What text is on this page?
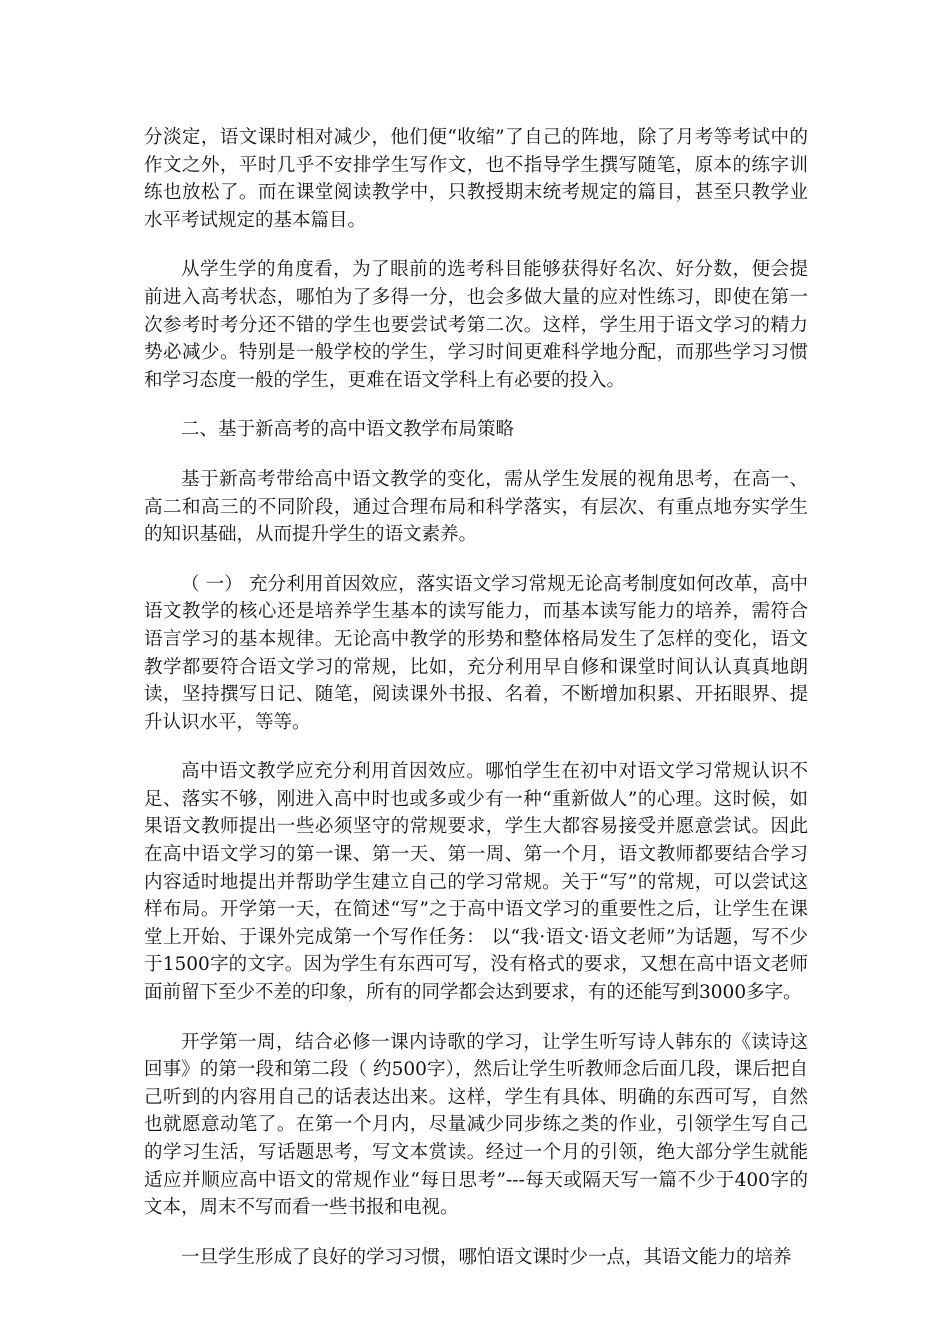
分淡定，语文课时相对减少，他们便“收缩”了自己的阵地，除了月考等考试中的作文之外，平时几乎不安排学生写作文，也不指导学生撰写随笔，原本的练字训练也放松了。而在课堂阅读教学中，只教授期末统考规定的篇目，甚至只教学业水平考试规定的基本篇目。

从学生学的角度看，为了眼前的选考科目能够获得好名次、好分数，便会提前进入高考状态，哪怕为了多得一分，也会多做大量的应对性练习，即使在第一次参考时考分还不错的学生也要尝试考第二次。这样，学生用于语文学习的精力势必减少。特别是一般学校的学生，学习时间更难科学地分配，而那些学习习惯和学习态度一般的学生，更难在语文学科上有必要的投入。

二、基于新高考的高中语文教学布局策略

基于新高考带给高中语文教学的变化，需从学生发展的视角思考，在高一、高二和高三的不同阶段，通过合理布局和科学落实，有层次、有重点地夯实学生的知识基础，从而提升学生的语文素养。

（ 一） 充分利用首因效应，落实语文学习常规无论高考制度如何改革，高中语文教学的核心还是培养学生基本的读写能力，而基本读写能力的培养，需符合语言学习的基本规律。无论高中教学的形势和整体格局发生了怎样的变化，语文教学都要符合语文学习的常规，比如，充分利用早自修和课堂时间认认真真地朗读，坚持撰写日记、随笔，阅读课外书报、名着，不断增加积累、开拓眼界、提升认识水平，等等。

高中语文教学应充分利用首因效应。哪怕学生在初中对语文学习常规认识不足、落实不够，刚进入高中时也或多或少有一种“重新做人”的心理。这时候，如果语文教师提出一些必须坚守的常规要求，学生大都容易接受并愿意尝试。因此在高中语文学习的第一课、第一天、第一周、第一个月，语文教师都要结合学习内容适时地提出并帮助学生建立自己的学习常规。关于“写”的常规，可以尝试这样布局。开学第一天，在简述“写”之于高中语文学习的重要性之后，让学生在课堂上开始、于课外完成第一个写作任务： 以“我·语文·语文老师”为话题，写不少于1500字的文字。因为学生有东西可写，没有格式的要求，又想在高中语文老师面前留下至少不差的印象，所有的同学都会达到要求，有的还能写到3000多字。

开学第一周，结合必修一课内诗歌的学习，让学生听写诗人韩东的《读诗这回事》的第一段和第二段（ 约500字），然后让学生听教师念后面几段，课后把自己听到的内容用自己的话表达出来。这样，学生有具体、明确的东西可写，自然也就愿意动笔了。在第一个月内，尽量减少同步练之类的作业，引领学生写自己的学习生活，写话题思考，写文本赏读。经过一个月的引领，绝大部分学生就能适应并顺应高中语文的常规作业“每日思考”---每天或隔天写一篇不少于400字的文本，周末不写而看一些书报和电视。

一旦学生形成了良好的学习习惯，哪怕语文课时少一点，其语文能力的培养
